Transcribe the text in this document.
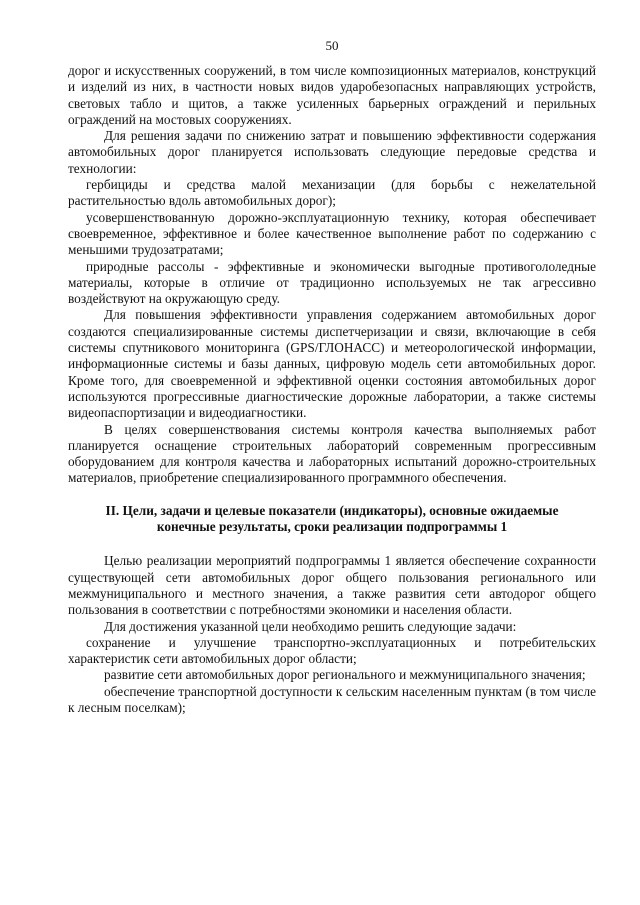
50

дорог и искусственных сооружений, в том числе композиционных материалов, конструкций и изделий из них, в частности новых видов ударобезопасных направляющих устройств, световых табло и щитов, а также усиленных барьерных ограждений и перильных ограждений на мостовых сооружениях.

Для решения задачи по снижению затрат и повышению эффективности содержания автомобильных дорог планируется использовать следующие передовые средства и технологии:

гербициды и средства малой механизации (для борьбы с нежелательной растительностью вдоль автомобильных дорог);

усовершенствованную дорожно-эксплуатационную технику, которая обеспечивает своевременное, эффективное и более качественное выполнение работ по содержанию с меньшими трудозатратами;

природные рассолы - эффективные и экономически выгодные противогололедные материалы, которые в отличие от традиционно используемых не так агрессивно воздействуют на окружающую среду.

Для повышения эффективности управления содержанием автомобильных дорог создаются специализированные системы диспетчеризации и связи, включающие в себя системы спутникового мониторинга (GPS/ГЛОНАСС) и метеорологической информации, информационные системы и базы данных, цифровую модель сети автомобильных дорог. Кроме того, для своевременной и эффективной оценки состояния автомобильных дорог используются прогрессивные диагностические дорожные лаборатории, а также системы видеопаспортизации и видеодиагностики.

В целях совершенствования системы контроля качества выполняемых работ планируется оснащение строительных лабораторий современным прогрессивным оборудованием для контроля качества и лабораторных испытаний дорожно-строительных материалов, приобретение специализированного программного обеспечения.

II. Цели, задачи и целевые показатели (индикаторы), основные ожидаемые конечные результаты, сроки реализации подпрограммы 1

Целью реализации мероприятий подпрограммы 1 является обеспечение сохранности существующей сети автомобильных дорог общего пользования регионального или межмуниципального и местного значения, а также развития сети автодорог общего пользования в соответствии с потребностями экономики и населения области.

Для достижения указанной цели необходимо решить следующие задачи:

сохранение и улучшение транспортно-эксплуатационных и потребительских характеристик сети автомобильных дорог области;

развитие сети автомобильных дорог регионального и межмуниципального значения;

обеспечение транспортной доступности к сельским населенным пунктам (в том числе к лесным поселкам);
